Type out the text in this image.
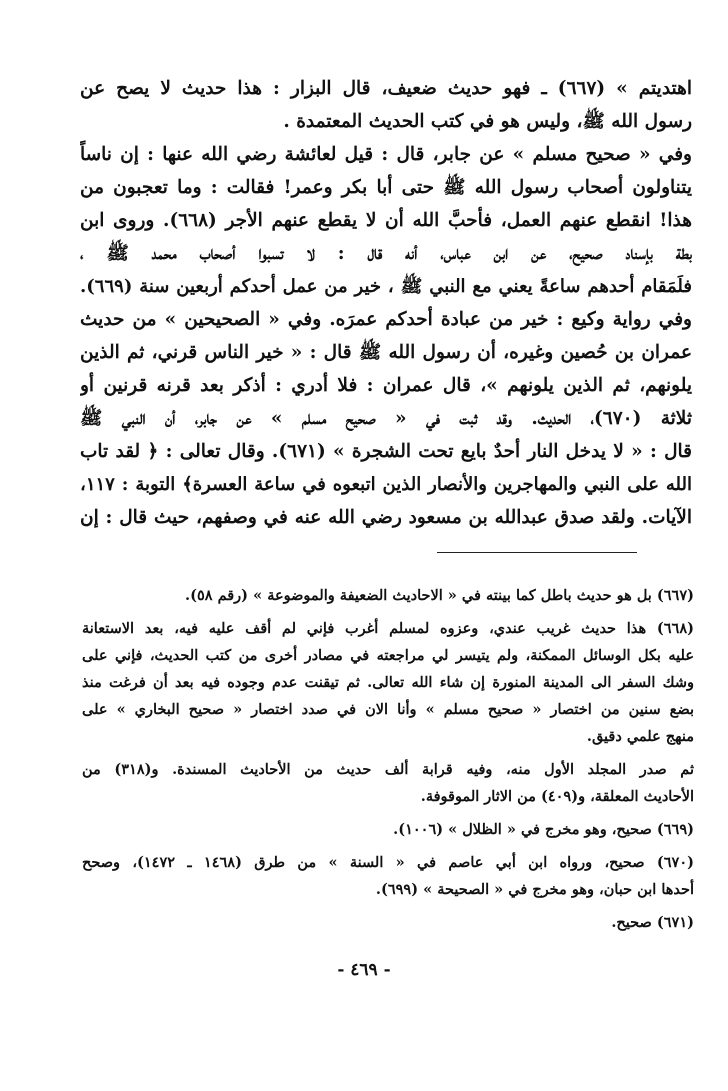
اهتديتم » (٦٦٧) ـ فهو حديث ضعيف، قال البزار : هذا حديث لا يصح عن
رسول الله ﷺ، وليس هو في كتب الحديث المعتمدة .
وفي « صحيح مسلم » عن جابر، قال : قيل لعائشة رضي الله عنها : إن ناساً
يتناولون أصحاب رسول الله ﷺ حتى أبا بكر وعمر! فقالت : وما تعجبون من
هذا! انقطع عنهم العمل، فأحبَّ الله أن لا يقطع عنهم الأجر (٦٦٨). وروى ابن
بطة بإسناد صحيح، عن ابن عباس، أنه قال : لا تسبوا أصحاب محمد ﷺ ،
فلَمَقام أحدهم ساعةً يعني مع النبي ﷺ ، خير من عمل أحدكم أربعين سنة (٦٦٩).
وفي رواية وكيع : خير من عبادة أحدكم عمرَه. وفي « الصحيحين » من حديث
عمران بن حُصين وغيره، أن رسول الله ﷺ قال : « خير الناس قرني، ثم الذين
يلونهم، ثم الذين يلونهم »، قال عمران : فلا أدري : أذكر بعد قرنه قرنين أو
ثلاثة (٦٧٠)، الحديث. وقد ثبت في « صحيح مسلم » عن جابر، أن النبي ﷺ
قال : « لا يدخل النار أحدٌ بايع تحت الشجرة » (٦٧١). وقال تعالى : ﴿ لقد تاب
الله على النبي والمهاجرين والأنصار الذين اتبعوه في ساعة العسرة﴾ التوبة : ١١٧،
الآيات. ولقد صدق عبدالله بن مسعود رضي الله عنه في وصفهم، حيث قال : إن
(٦٦٧) بل هو حديث باطل كما بينته في « الاحاديث الضعيفة والموضوعة » (رقم ٥٨).
(٦٦٨) هذا حديث غريب عندي، وعزوه لمسلم أغرب فإني لم أقف عليه فيه، بعد الاستعانة
عليه بكل الوسائل الممكنة، ولم يتيسر لي مراجعته في مصادر أخرى من كتب الحديث، فإني على
وشك السفر الى المدينة المنورة إن شاء الله تعالى. ثم تيقنت عدم وجوده فيه بعد أن فرغت منذ
بضع سنين من اختصار « صحيح مسلم » وأنا الان في صدد اختصار « صحيح البخاري » على
منهج علمي دقيق.
ثم صدر المجلد الأول منه، وفيه قرابة ألف حديث من الأحاديث المسندة. و(٣١٨) من
الأحاديث المعلقة، و(٤٠٩) من الاثار الموقوفة.
(٦٦٩) صحيح، وهو مخرج في « الظلال » (١٠٠٦).
(٦٧٠) صحيح، ورواه ابن أبي عاصم في « السنة » من طرق (١٤٦٨ ـ ١٤٧٢)، وصحح
أحدها ابن حبان، وهو مخرج في « الصحيحة » (٦٩٩).
(٦٧١) صحيح.
- ٤٦٩ -
